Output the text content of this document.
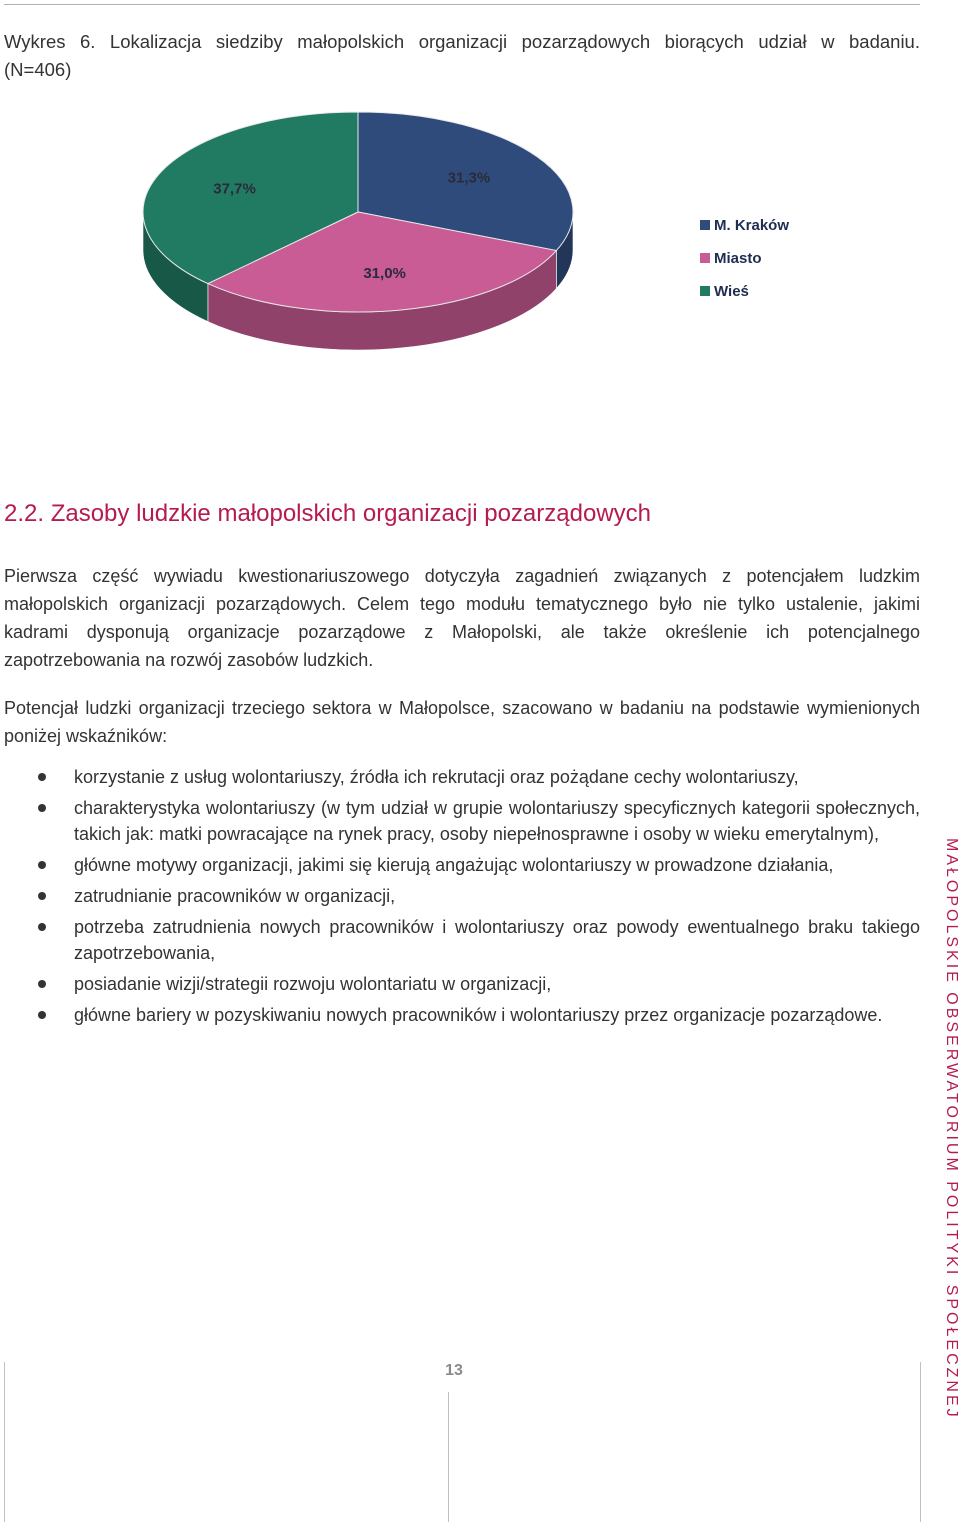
Wykres 6. Lokalizacja siedziby małopolskich organizacji pozarządowych biorących udział w badaniu.
(N=406)
31,3%
31,0%
37,7%
M. Kraków
Miasto
Wieś
2.2. Zasoby ludzkie małopolskich organizacji pozarządowych

Pierwsza część wywiadu kwestionariuszowego dotyczyła zagadnień związanych z potencjałem ludzkim małopolskich organizacji pozarządowych. Celem tego modułu tematycznego było nie tylko ustalenie, jakimi kadrami dysponują organizacje pozarządowe z Małopolski, ale także określenie ich potencjalnego zapotrzebowania na rozwój zasobów ludzkich.

Potencjał ludzki organizacji trzeciego sektora w Małopolsce, szacowano w badaniu na podstawie wymienionych poniżej wskaźników:

korzystanie z usług wolontariuszy, źródła ich rekrutacji oraz pożądane cechy wolontariuszy,
charakterystyka wolontariuszy (w tym udział w grupie wolontariuszy specyficznych kategorii społecznych, takich jak: matki powracające na rynek pracy, osoby niepełnosprawne i osoby w wieku emerytalnym),
główne motywy organizacji, jakimi się kierują angażując wolontariuszy w prowadzone działania,
zatrudnianie pracowników w organizacji,
potrzeba zatrudnienia nowych pracowników i wolontariuszy oraz powody ewentualnego braku takiego zapotrzebowania,
posiadanie wizji/strategii rozwoju wolontariatu w organizacji,
główne bariery w pozyskiwaniu nowych pracowników i wolontariuszy przez organizacje pozarządowe.	MAŁOPOLSKIE OBSERWATORIUM POLITYKI SPOŁECZNEJ
13
